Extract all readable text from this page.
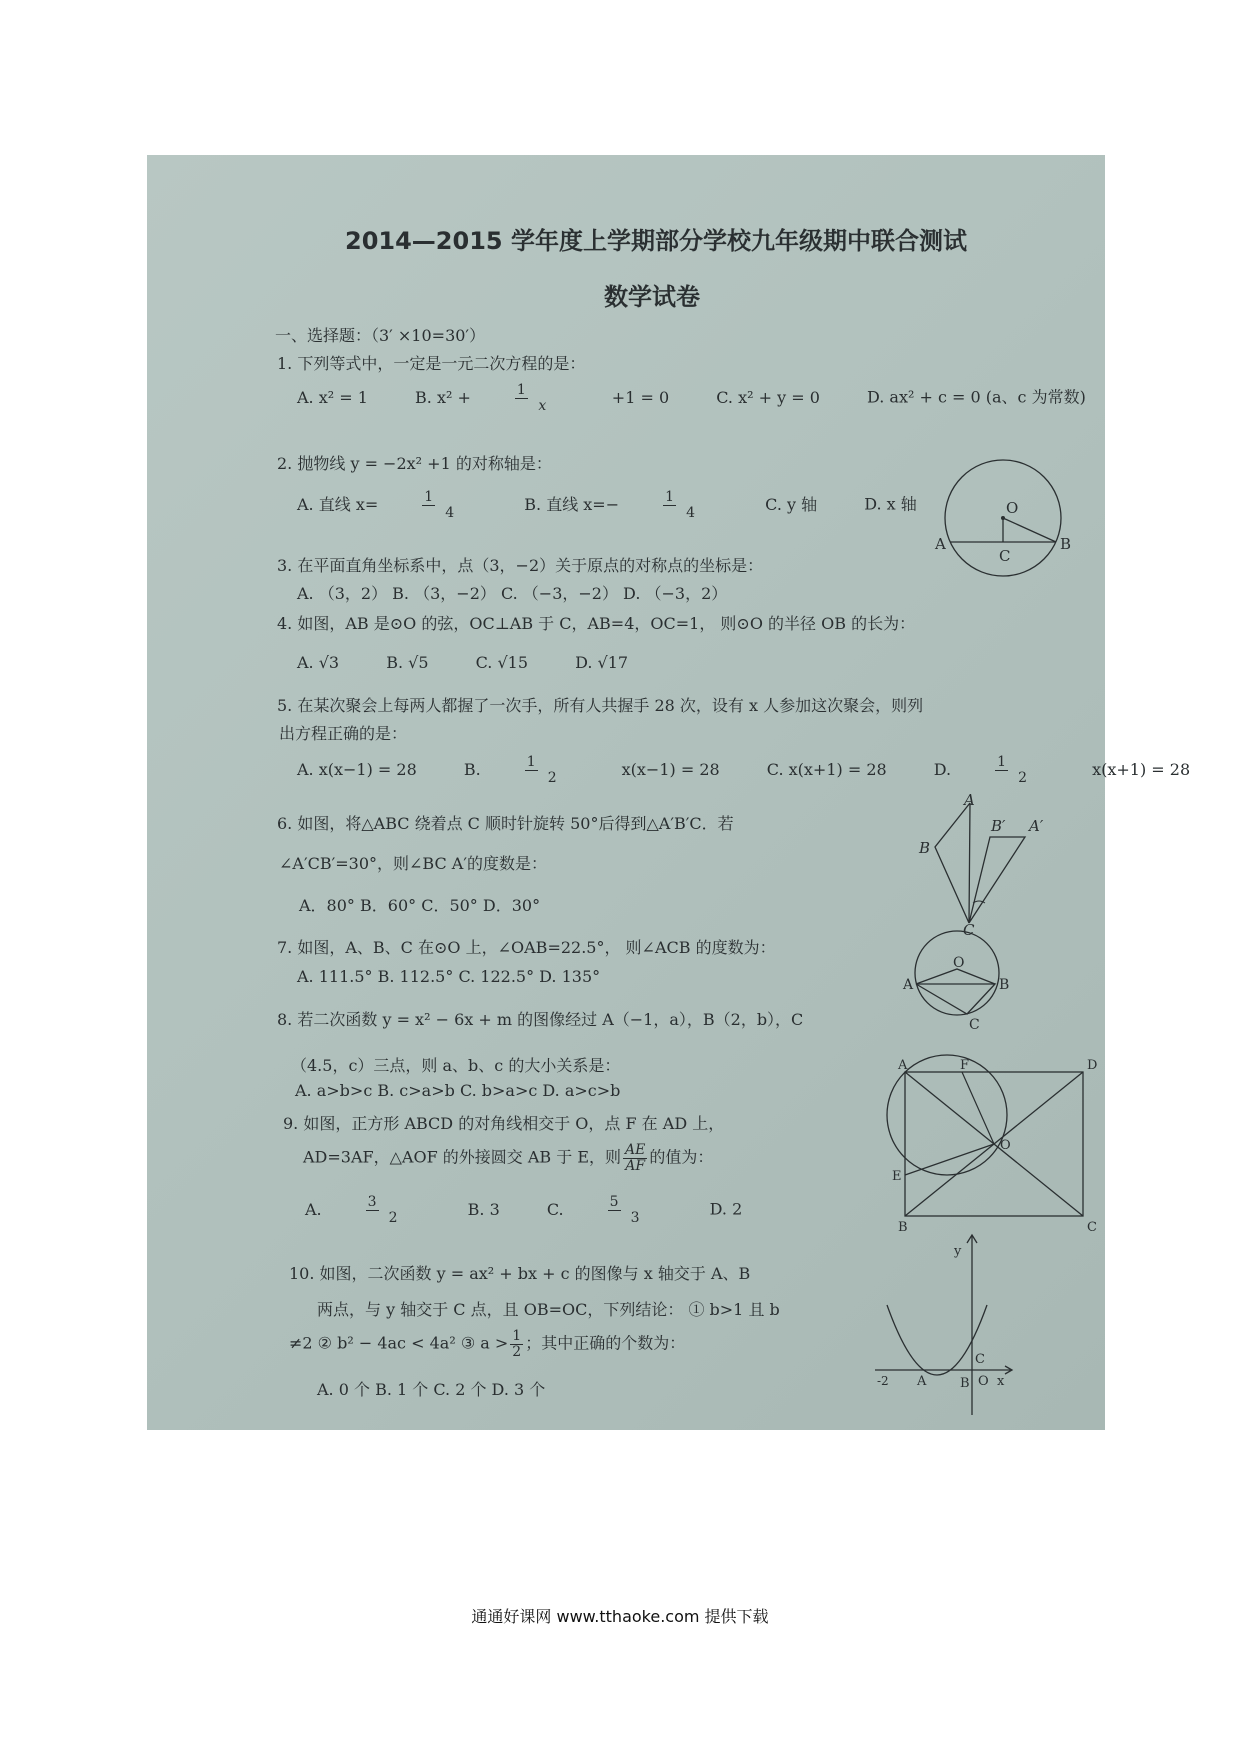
2014—2015 学年度上学期部分学校九年级期中联合测试
数学试卷
一、选择题：（3′ ×10=30′）
1. 下列等式中，一定是一元二次方程的是：
A. x² = 1	B. x² +	$\frac{1}{x}$	+1 = 0	C. x² + y = 0	D. ax² + c = 0 (a、c 为常数)
2. 抛物线 y = −2x² +1 的对称轴是：
A. 直线 x=	$\frac{1}{4}$	B. 直线 x=−	$\frac{1}{4}$	C. y 轴	D. x 轴
3. 在平面直角坐标系中，点（3，−2）关于原点的对称点的坐标是：
A. （3，2） B. （3，−2） C. （−3，−2） D. （−3，2）
4. 如图，AB 是⊙O 的弦，OC⊥AB 于 C，AB=4，OC=1， 则⊙O 的半径 OB 的长为：
A. √3	B. √5	C. √15	D. √17
5. 在某次聚会上每两人都握了一次手，所有人共握手 28 次，设有 x 人参加这次聚会，则列
出方程正确的是：
A. x(x−1) = 28	B.	$\frac{1}{2}$	x(x−1) = 28	C. x(x+1) = 28	D.	$\frac{1}{2}$	x(x+1) = 28
6. 如图，将△ABC 绕着点 C 顺时针旋转 50°后得到△A′B′C．若
∠A′CB′=30°，则∠BC A′的度数是：
A．80° B．60° C．50° D．30°
7. 如图，A、B、C 在⊙O 上，∠OAB=22.5°， 则∠ACB 的度数为：
A. 111.5° B. 112.5° C. 122.5° D. 135°
8. 若二次函数 y = x² − 6x + m 的图像经过 A（−1，a），B（2，b），C
（4.5，c）三点，则 a、b、c 的大小关系是：
A. a>b>c B. c>a>b C. b>a>c D. a>c>b
9. 如图，正方形 ABCD 的对角线相交于 O，点 F 在 AD 上，
AD=3AF，△AOF 的外接圆交 AB 于 E，则 $\frac{AE}{AF}$ 的值为：
A.	$\frac{3}{2}$	B. 3	C.	$\frac{5}{3}$	D. 2
10. 如图，二次函数 y = ax² + bx + c 的图像与 x 轴交于 A、B
两点，与 y 轴交于 C 点，且 OB=OC，下列结论： ① b>1 且 b
≠2 ② b² − 4ac < 4a² ③ $a > \frac{1}{2}$ ；其中正确的个数为：
A. 0 个 B. 1 个 C. 2 个 D. 3 个
O
A	B
C
A
B
B′ A′
C
O
A	B
C
A	F	D
E
O
B	C
y
x
O
A	B
C
-2
通通好课网 www.tthaoke.com 提供下载
